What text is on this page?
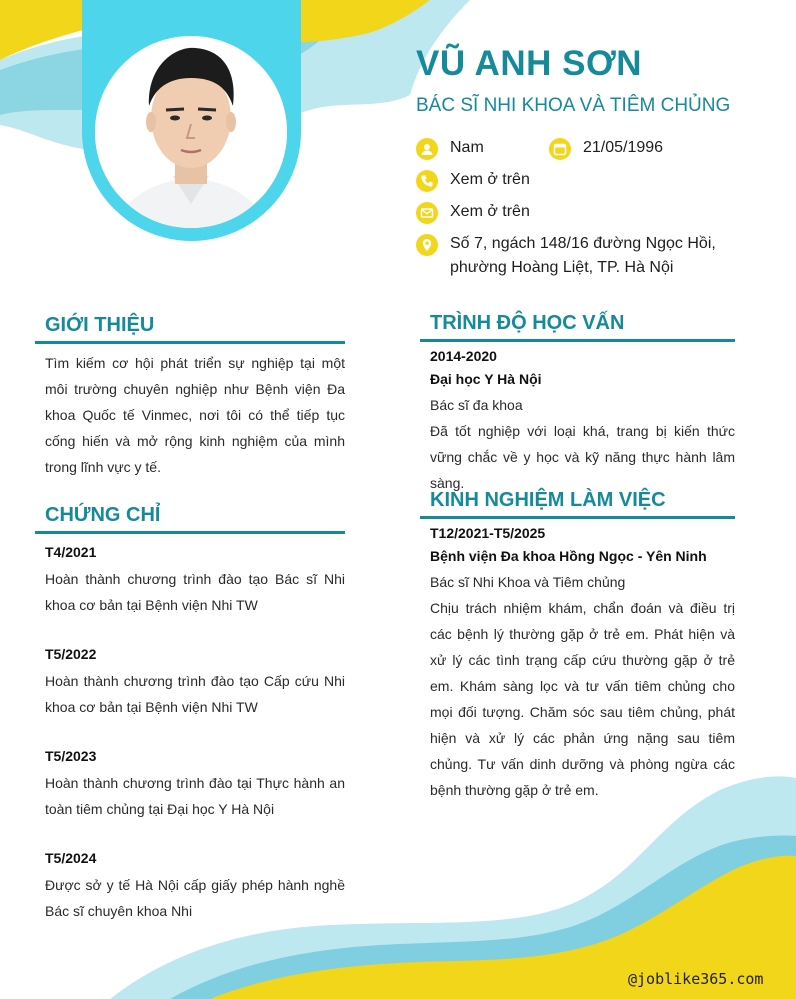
VŨ ANH SƠN
BÁC SĨ NHI KHOA VÀ TIÊM CHỦNG
Nam	21/05/1996
Xem ở trên
Xem ở trên
Số 7, ngách 148/16 đường Ngọc Hồi,
phường Hoàng Liệt, TP. Hà Nội
GIỚI THIỆU

Tìm kiếm cơ hội phát triển sự nghiệp tại một môi trường chuyên nghiệp như Bệnh viện Đa khoa Quốc tế Vinmec, nơi tôi có thể tiếp tục cống hiến và mở rộng kinh nghiệm của mình trong lĩnh vực y tế.

CHỨNG CHỈ
T4/2021

Hoàn thành chương trình đào tạo Bác sĩ Nhi khoa cơ bản tại Bệnh viện Nhi TW

T5/2022

Hoàn thành chương trình đào tạo Cấp cứu Nhi khoa cơ bản tại Bệnh viện Nhi TW

T5/2023

Hoàn thành chương trình đào tại Thực hành an toàn tiêm chủng tại Đại học Y Hà Nội

T5/2024

Được sở y tế Hà Nội cấp giấy phép hành nghề Bác sĩ chuyên khoa Nhi

TRÌNH ĐỘ HỌC VẤN
2014-2020
Đại học Y Hà Nội
Bác sĩ đa khoa

Đã tốt nghiệp với loại khá, trang bị kiến thức vững chắc về y học và kỹ năng thực hành lâm sàng.

KINH NGHIỆM LÀM VIỆC
T12/2021-T5/2025
Bệnh viện Đa khoa Hồng Ngọc - Yên Ninh
Bác sĩ Nhi Khoa và Tiêm chủng

Chịu trách nhiệm khám, chẩn đoán và điều trị các bệnh lý thường gặp ở trẻ em. Phát hiện và xử lý các tình trạng cấp cứu thường gặp ở trẻ em. Khám sàng lọc và tư vấn tiêm chủng cho mọi đối tượng. Chăm sóc sau tiêm chủng, phát hiện và xử lý các phản ứng nặng sau tiêm chủng. Tư vấn dinh dưỡng và phòng ngừa các bệnh thường gặp ở trẻ em.

@joblike365.com
